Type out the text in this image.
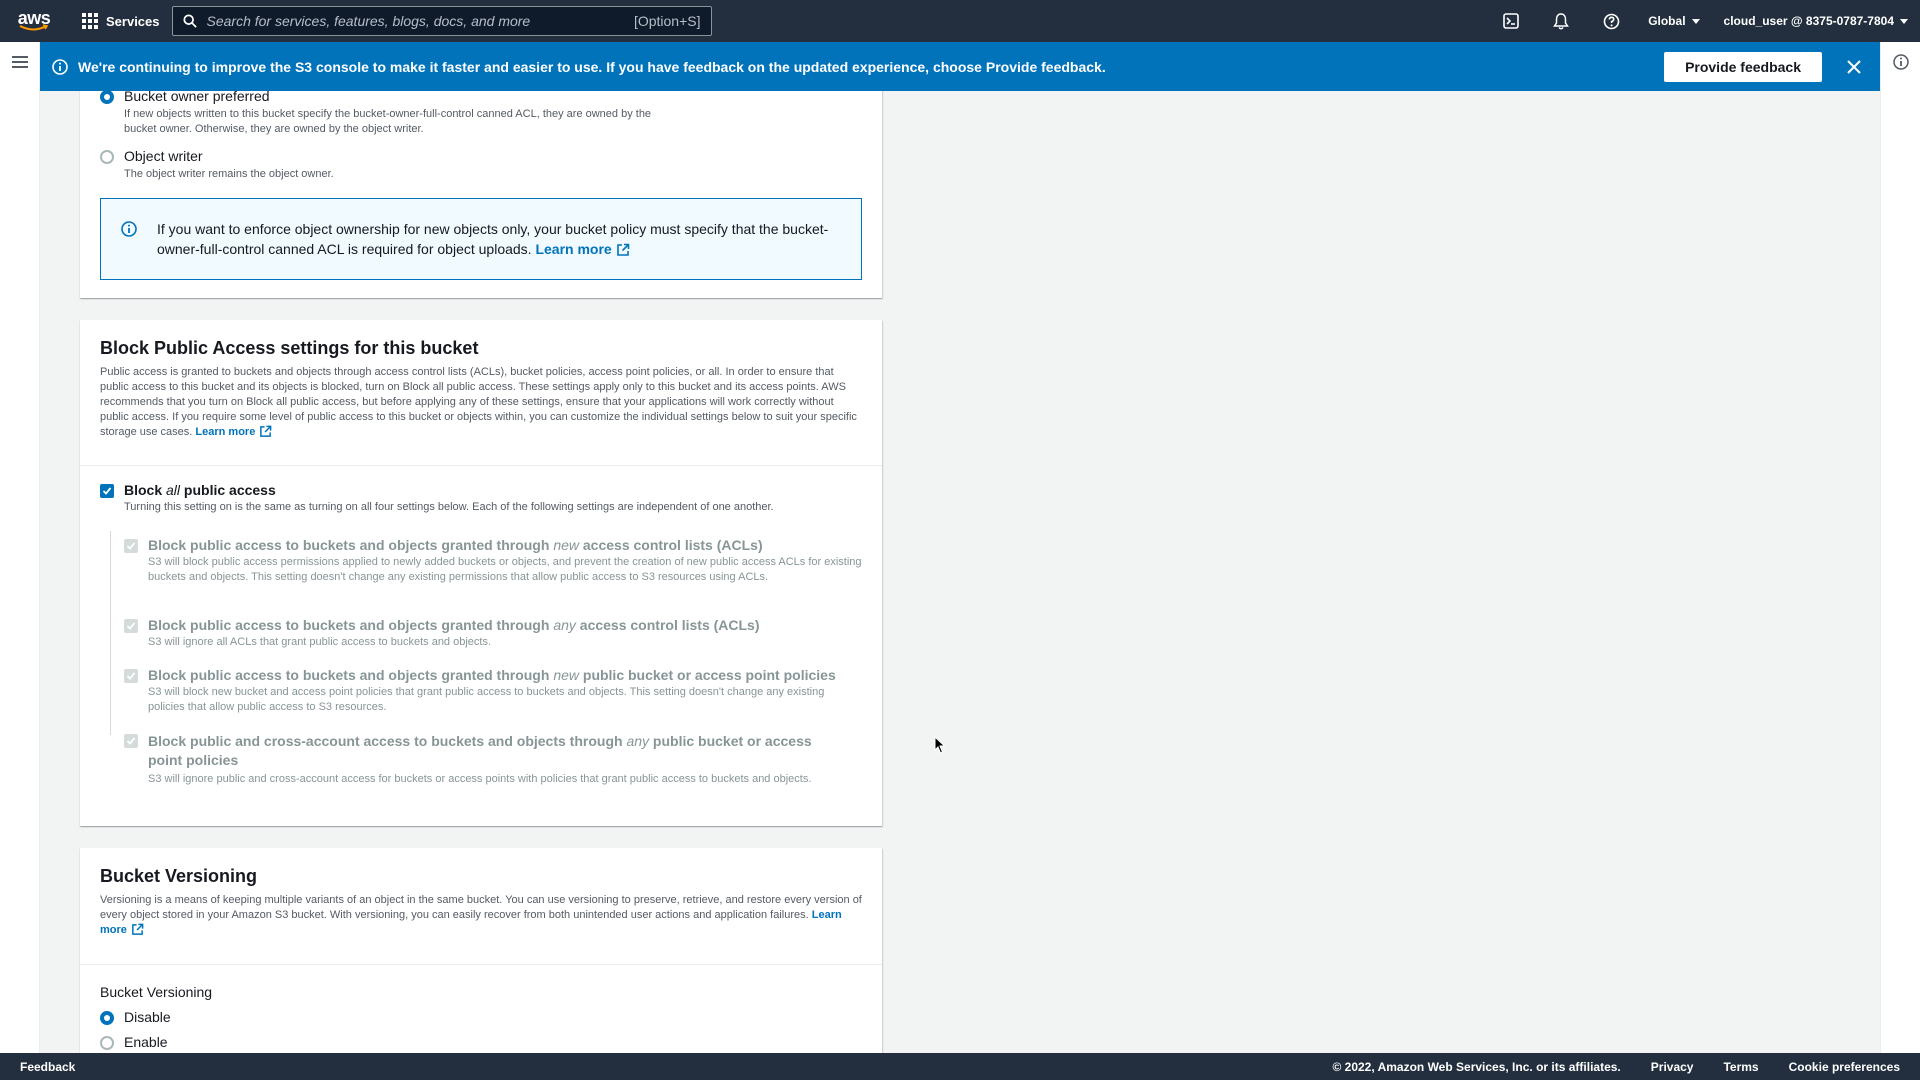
aws	Services	Search for services, features, blogs, docs, and more	[Option+S]	Global	cloud_user @ 8375-0787-7804
We're continuing to improve the S3 console to make it faster and easier to use. If you have feedback on the updated experience, choose Provide feedback.	Provide feedback
Bucket owner preferred
If new objects written to this bucket specify the bucket-owner-full-control canned ACL, they are owned by the bucket owner. Otherwise, they are owned by the object writer.
Object writer
The object writer remains the object owner.
If you want to enforce object ownership for new objects only, your bucket policy must specify that the bucket-owner-full-control canned ACL is required for object uploads. Learn more
Block Public Access settings for this bucket
Public access is granted to buckets and objects through access control lists (ACLs), bucket policies, access point policies, or all. In order to ensure that public access to this bucket and its objects is blocked, turn on Block all public access. These settings apply only to this bucket and its access points. AWS recommends that you turn on Block all public access, but before applying any of these settings, ensure that your applications will work correctly without public access. If you require some level of public access to this bucket or objects within, you can customize the individual settings below to suit your specific storage use cases. Learn more
Block all public access
Turning this setting on is the same as turning on all four settings below. Each of the following settings are independent of one another.
Block public access to buckets and objects granted through new access control lists (ACLs)
S3 will block public access permissions applied to newly added buckets or objects, and prevent the creation of new public access ACLs for existing buckets and objects. This setting doesn't change any existing permissions that allow public access to S3 resources using ACLs.
Block public access to buckets and objects granted through any access control lists (ACLs)
S3 will ignore all ACLs that grant public access to buckets and objects.
Block public access to buckets and objects granted through new public bucket or access point policies
S3 will block new bucket and access point policies that grant public access to buckets and objects. This setting doesn't change any existing policies that allow public access to S3 resources.
Block public and cross-account access to buckets and objects through any public bucket or access point policies
S3 will ignore public and cross-account access for buckets or access points with policies that grant public access to buckets and objects.
Bucket Versioning
Versioning is a means of keeping multiple variants of an object in the same bucket. You can use versioning to preserve, retrieve, and restore every version of every object stored in your Amazon S3 bucket. With versioning, you can easily recover from both unintended user actions and application failures. Learn more
Bucket Versioning
Disable
Enable
Feedback	© 2022, Amazon Web Services, Inc. or its affiliates.	Privacy	Terms	Cookie preferences
